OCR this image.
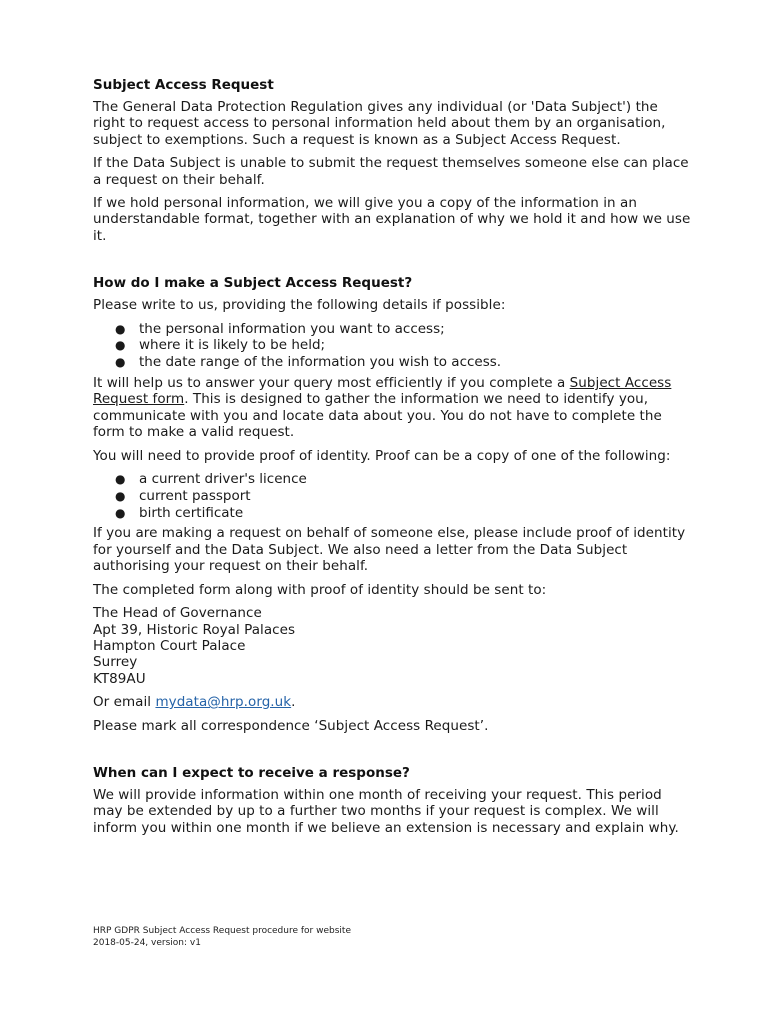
Subject Access Request

The General Data Protection Regulation gives any individual (or 'Data Subject') the right to request access to personal information held about them by an organisation, subject to exemptions. Such a request is known as a Subject Access Request.

If the Data Subject is unable to submit the request themselves someone else can place a request on their behalf.

If we hold personal information, we will give you a copy of the information in an understandable format, together with an explanation of why we hold it and how we use it.

How do I make a Subject Access Request?

Please write to us, providing the following details if possible:

● the personal information you want to access;
● where it is likely to be held;
● the date range of the information you wish to access.

It will help us to answer your query most efficiently if you complete a Subject Access Request form. This is designed to gather the information we need to identify you, communicate with you and locate data about you. You do not have to complete the form to make a valid request.

You will need to provide proof of identity. Proof can be a copy of one of the following:

● a current driver's licence
● current passport
● birth certificate

If you are making a request on behalf of someone else, please include proof of identity for yourself and the Data Subject. We also need a letter from the Data Subject authorising your request on their behalf.

The completed form along with proof of identity should be sent to:

The Head of Governance

Apt 39, Historic Royal Palaces

Hampton Court Palace

Surrey

KT89AU

Or email mydata@hrp.org.uk.

Please mark all correspondence ‘Subject Access Request’.

When can I expect to receive a response?

We will provide information within one month of receiving your request. This period may be extended by up to a further two months if your request is complex. We will inform you within one month if we believe an extension is necessary and explain why.

HRP GDPR Subject Access Request procedure for website
2018-05-24, version: v1
